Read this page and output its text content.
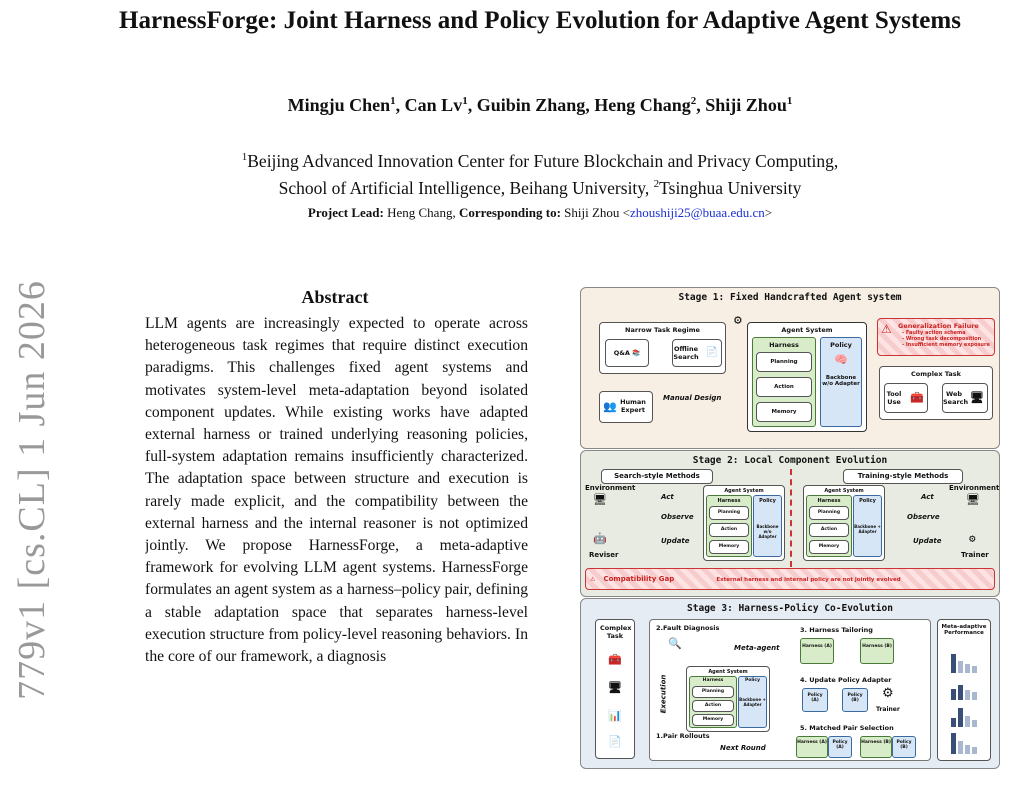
HarnessForge: Joint Harness and Policy Evolution for Adaptive Agent Systems
Mingju Chen$^1$, Can Lv$^1$, Guibin Zhang, Heng Chang$^2$, Shiji Zhou$^1$
$^1$Beijing Advanced Innovation Center for Future Blockchain and Privacy Computing,
School of Artificial Intelligence, Beihang University, $^2$Tsinghua University
Project Lead: Heng Chang, Corresponding to: Shiji Zhou <zhoushiji25@buaa.edu.cn>
779v1 [cs.CL] 1 Jun 2026	Abstract
LLM agents are increasingly expected to operate across heterogeneous task regimes that require distinct execution paradigms. This challenges fixed agent systems and motivates system-level meta-adaptation beyond isolated component updates. While existing works have adapted external harness or trained underlying reasoning policies, full-system adaptation remains insufficiently characterized. The adaptation space between structure and execution is rarely made explicit, and the compatibility between the external harness and the internal reasoner is not optimized jointly. We propose HarnessForge, a meta-adaptive framework for evolving LLM agent systems. HarnessForge formulates an agent system as a harness–policy pair, defining a stable adaptation space that separates harness-level execution structure from policy-level reasoning behaviors. In the core of our framework, a diagnosis
Stage 1: Fixed Handcrafted Agent system
Narrow Task Regime
Q&A 📚	Offline Search 📄
👥 Human Expert
Manual Design
⚙
Agent System
Harness
Planning
Action
Memory
Policy
🧠
Backbone w/o Adapter
⚠ Generalization Failure
- Faulty action schema
- Wrong task decomposition
- Insufficient memory exposure
Complex Task
Tool Use 🧰	Web Search 🖥
Stage 2: Local Component Evolution
Search-style Methods	Training-style Methods
Environment
🖥	Act
Observe
Update
🤖
Reviser
Agent System
Harness
Planning
Action
Memory
Policy
Backbone w/o Adapter
Agent System
Harness
Planning
Action
Memory
Policy
Backbone + Adapter
Act
Observe
Update
Environment
🖥
⚙
Trainer
⚠ Compatibility Gap	External harness and internal policy are not jointly evolved
Stage 3: Harness-Policy Co-Evolution
Complex Task
🧰
🖥
📊
📄
2.Fault Diagnosis
🔍	Meta-agent
3. Harness Tailoring
Harness (A)	Harness (B)
Execution
Agent System
Harness
Planning
Action
Memory
Policy
Backbone + Adapter
4. Update Policy Adapter
Policy (A)
Policy (B)	⚙
Trainer
1.Pair Rollouts
Next Round
5. Matched Pair Selection
Harness (A)	Policy (A)
Harness (B)	Policy (B)
Meta-adaptive Performance
